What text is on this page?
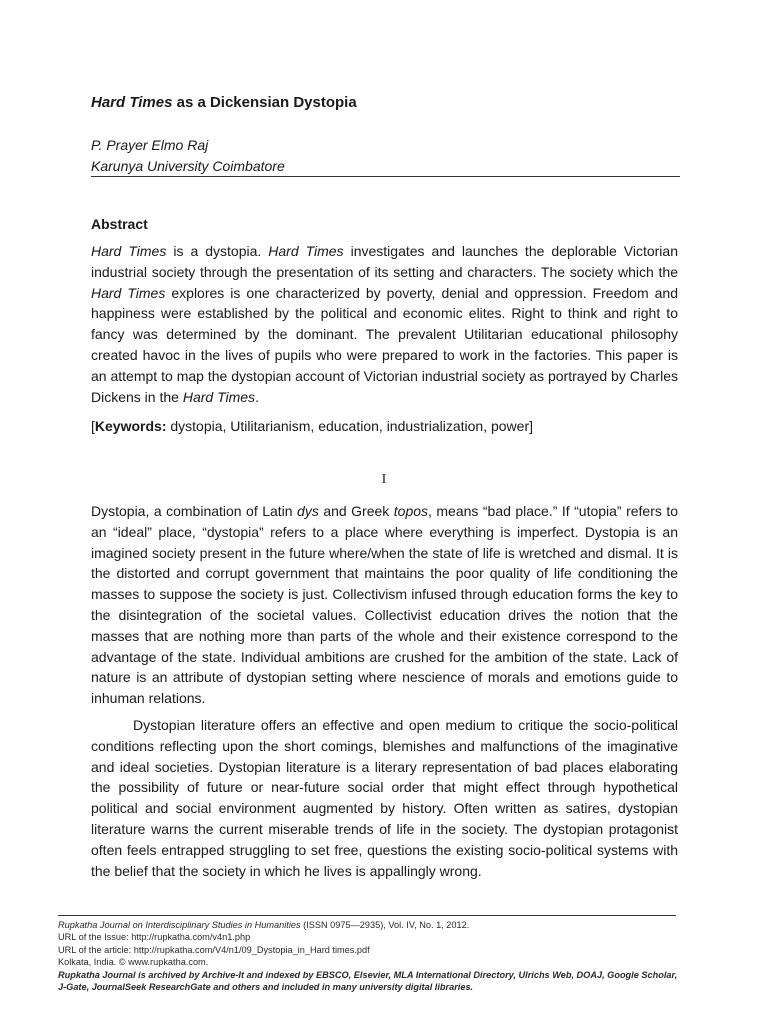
Hard Times as a Dickensian Dystopia
P. Prayer Elmo Raj
Karunya University Coimbatore
Abstract

Hard Times is a dystopia. Hard Times investigates and launches the deplorable Victorian industrial society through the presentation of its setting and characters. The society which the Hard Times explores is one characterized by poverty, denial and oppression. Freedom and happiness were established by the political and economic elites. Right to think and right to fancy was determined by the dominant. The prevalent Utilitarian educational philosophy created havoc in the lives of pupils who were prepared to work in the factories. This paper is an attempt to map the dystopian account of Victorian industrial society as portrayed by Charles Dickens in the Hard Times.

[Keywords: dystopia, Utilitarianism, education, industrialization, power]

I

Dystopia, a combination of Latin dys and Greek topos, means “bad place.” If “utopia” refers to an “ideal” place, “dystopia” refers to a place where everything is imperfect. Dystopia is an imagined society present in the future where/when the state of life is wretched and dismal. It is the distorted and corrupt government that maintains the poor quality of life conditioning the masses to suppose the society is just. Collectivism infused through education forms the key to the disintegration of the societal values. Collectivist education drives the notion that the masses that are nothing more than parts of the whole and their existence correspond to the advantage of the state. Individual ambitions are crushed for the ambition of the state. Lack of nature is an attribute of dystopian setting where nescience of morals and emotions guide to inhuman relations.

Dystopian literature offers an effective and open medium to critique the socio-political conditions reflecting upon the short comings, blemishes and malfunctions of the imaginative and ideal societies. Dystopian literature is a literary representation of bad places elaborating the possibility of future or near-future social order that might effect through hypothetical political and social environment augmented by history. Often written as satires, dystopian literature warns the current miserable trends of life in the society. The dystopian protagonist often feels entrapped struggling to set free, questions the existing socio-political systems with the belief that the society in which he lives is appallingly wrong.

Rupkatha Journal on Interdisciplinary Studies in Humanities (ISSN 0975—2935), Vol. IV, No. 1, 2012.
URL of the Issue: http://rupkatha.com/v4n1.php
URL of the article: http://rupkatha.com/V4/n1/09_Dystopia_in_Hard times.pdf
Kolkata, India. © www.rupkatha.com.
Rupkatha Journal is archived by Archive-It and indexed by EBSCO, Elsevier, MLA International Directory, Ulrichs Web, DOAJ, Google Scholar, J-Gate, JournalSeek ResearchGate and others and included in many university digital libraries.
